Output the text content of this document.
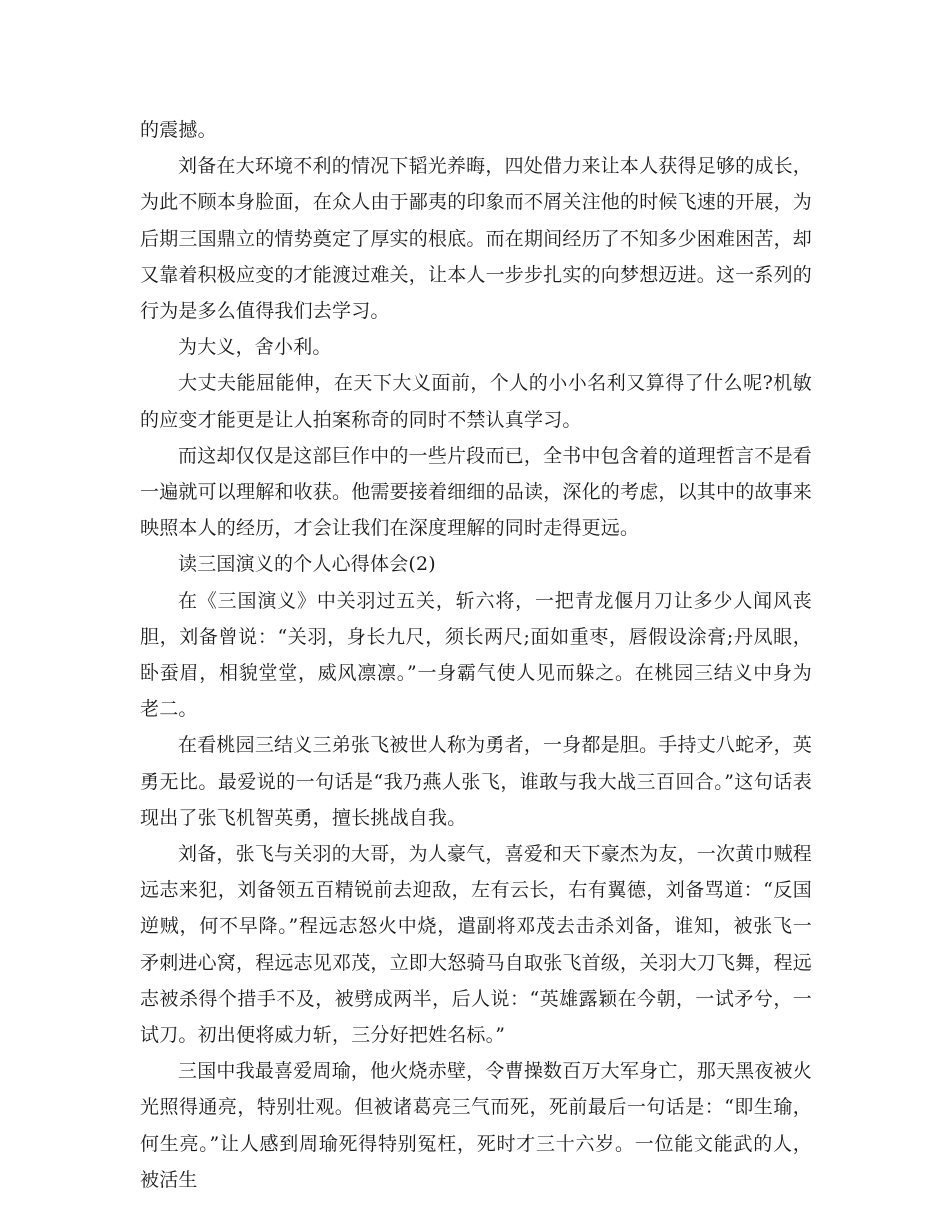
的震撼。

刘备在大环境不利的情况下韬光养晦，四处借力来让本人获得足够的成长，为此不顾本身脸面，在众人由于鄙夷的印象而不屑关注他的时候飞速的开展，为后期三国鼎立的情势奠定了厚实的根底。而在期间经历了不知多少困难困苦，却又靠着积极应变的才能渡过难关，让本人一步步扎实的向梦想迈进。这一系列的行为是多么值得我们去学习。

为大义，舍小利。

大丈夫能屈能伸，在天下大义面前，个人的小小名利又算得了什么呢?机敏的应变才能更是让人拍案称奇的同时不禁认真学习。

而这却仅仅是这部巨作中的一些片段而已，全书中包含着的道理哲言不是看一遍就可以理解和收获。他需要接着细细的品读，深化的考虑，以其中的故事来映照本人的经历，才会让我们在深度理解的同时走得更远。

读三国演义的个人心得体会(2)

在《三国演义》中关羽过五关，斩六将，一把青龙偃月刀让多少人闻风丧胆，刘备曾说：“关羽，身长九尺，须长两尺;面如重枣，唇假设涂膏;丹凤眼，卧蚕眉，相貌堂堂，威风凛凛。”一身霸气使人见而躲之。在桃园三结义中身为老二。

在看桃园三结义三弟张飞被世人称为勇者，一身都是胆。手持丈八蛇矛，英勇无比。最爱说的一句话是“我乃燕人张飞，谁敢与我大战三百回合。”这句话表现出了张飞机智英勇，擅长挑战自我。

刘备，张飞与关羽的大哥，为人豪气，喜爱和天下豪杰为友，一次黄巾贼程远志来犯，刘备领五百精锐前去迎敌，左有云长，右有翼德，刘备骂道：“反国逆贼，何不早降。”程远志怒火中烧，遣副将邓茂去击杀刘备，谁知，被张飞一矛刺进心窝，程远志见邓茂，立即大怒骑马自取张飞首级，关羽大刀飞舞，程远志被杀得个措手不及，被劈成两半，后人说：“英雄露颖在今朝，一试矛兮，一试刀。初出便将威力斩，三分好把姓名标。”

三国中我最喜爱周瑜，他火烧赤壁，令曹操数百万大军身亡，那天黑夜被火光照得通亮，特别壮观。但被诸葛亮三气而死，死前最后一句话是：“即生瑜，何生亮。”让人感到周瑜死得特别冤枉，死时才三十六岁。一位能文能武的人，被活生
